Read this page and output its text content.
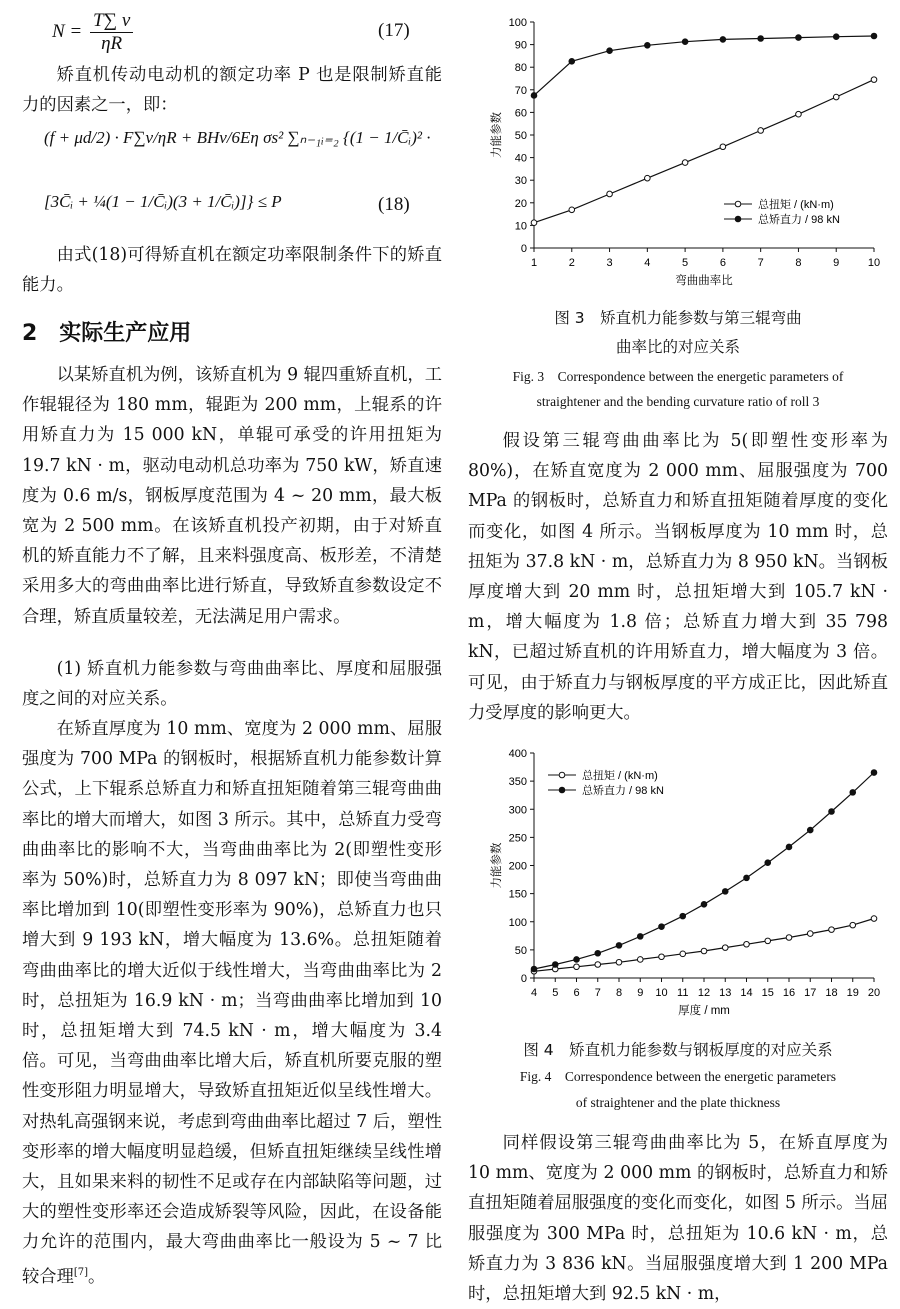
$N = \frac{T\sum v}{\eta R}$	(17)
矫直机传动电动机的额定功率 P 也是限制矫直能力的因素之一，即：
(f + μd/2) · F∑v/ηR + BHv/6Eη σs² ∑ₙ₋₁ᵢ₌₂ {(1 − 1/C̄ᵢ)² ·
[3C̄ᵢ + ¼(1 − 1/C̄ᵢ)(3 + 1/C̄ᵢ)]} ≤ P	(18)
由式(18)可得矫直机在额定功率限制条件下的矫直能力。
2　实际生产应用
以某矫直机为例，该矫直机为 9 辊四重矫直机，工作辊辊径为 180 mm，辊距为 200 mm，上辊系的许用矫直力为 15 000 kN，单辊可承受的许用扭矩为 19.7 kN · m，驱动电动机总功率为 750 kW，矫直速度为 0.6 m/s，钢板厚度范围为 4 ~ 20 mm，最大板宽为 2 500 mm。在该矫直机投产初期，由于对矫直机的矫直能力不了解，且来料强度高、板形差，不清楚采用多大的弯曲曲率比进行矫直，导致矫直参数设定不合理，矫直质量较差，无法满足用户需求。
(1) 矫直机力能参数与弯曲曲率比、厚度和屈服强度之间的对应关系。
在矫直厚度为 10 mm、宽度为 2 000 mm、屈服强度为 700 MPa 的钢板时，根据矫直机力能参数计算公式，上下辊系总矫直力和矫直扭矩随着第三辊弯曲曲率比的增大而增大，如图 3 所示。其中，总矫直力受弯曲曲率比的影响不大，当弯曲曲率比为 2(即塑性变形率为 50%)时，总矫直力为 8 097 kN；即使当弯曲曲率比增加到 10(即塑性变形率为 90%)，总矫直力也只增大到 9 193 kN，增大幅度为 13.6%。总扭矩随着弯曲曲率比的增大近似于线性增大，当弯曲曲率比为 2 时，总扭矩为 16.9 kN · m；当弯曲曲率比增加到 10 时，总扭矩增大到 74.5 kN · m，增大幅度为 3.4 倍。可见，当弯曲曲率比增大后，矫直机所要克服的塑性变形阻力明显增大，导致矫直扭矩近似呈线性增大。对热轧高强钢来说，考虑到弯曲曲率比超过 7 后，塑性变形率的增大幅度明显趋缓，但矫直扭矩继续呈线性增大，且如果来料的韧性不足或存在内部缺陷等问题，过大的塑性变形率还会造成矫裂等风险，因此，在设备能力允许的范围内，最大弯曲曲率比一般设为 5 ~ 7 比较合理[7]。
0
10
20
30
40
50
60
70
80
90
100
1	2	3	4	5	6	7	8	9	10
弯曲曲率比
力能参数
总扭矩 / (kN·m)
总矫直力 / 98 kN
图 3　矫直机力能参数与第三辊弯曲
曲率比的对应关系
Fig. 3　Correspondence between the energetic parameters of
straightener and the bending curvature ratio of roll 3
假设第三辊弯曲曲率比为 5(即塑性变形率为 80%)，在矫直宽度为 2 000 mm、屈服强度为 700 MPa 的钢板时，总矫直力和矫直扭矩随着厚度的变化而变化，如图 4 所示。当钢板厚度为 10 mm 时，总扭矩为 37.8 kN · m，总矫直力为 8 950 kN。当钢板厚度增大到 20 mm 时，总扭矩增大到 105.7 kN · m，增大幅度为 1.8 倍；总矫直力增大到 35 798 kN，已超过矫直机的许用矫直力，增大幅度为 3 倍。可见，由于矫直力与钢板厚度的平方成正比，因此矫直力受厚度的影响更大。
0
50
100
150
200
250
300
350
400
4 5 6 7 8 9 10 11 12 13 14 15 16 17 18 19 20
厚度 / mm
力能参数
总扭矩 / (kN·m)
总矫直力 / 98 kN
图 4　矫直机力能参数与钢板厚度的对应关系
Fig. 4　Correspondence between the energetic parameters
of straightener and the plate thickness
同样假设第三辊弯曲曲率比为 5，在矫直厚度为 10 mm、宽度为 2 000 mm 的钢板时，总矫直力和矫直扭矩随着屈服强度的变化而变化，如图 5 所示。当屈服强度为 300 MPa 时，总扭矩为 10.6 kN · m，总矫直力为 3 836 kN。当屈服强度增大到 1 200 MPa 时，总扭矩增大到 92.5 kN · m，
